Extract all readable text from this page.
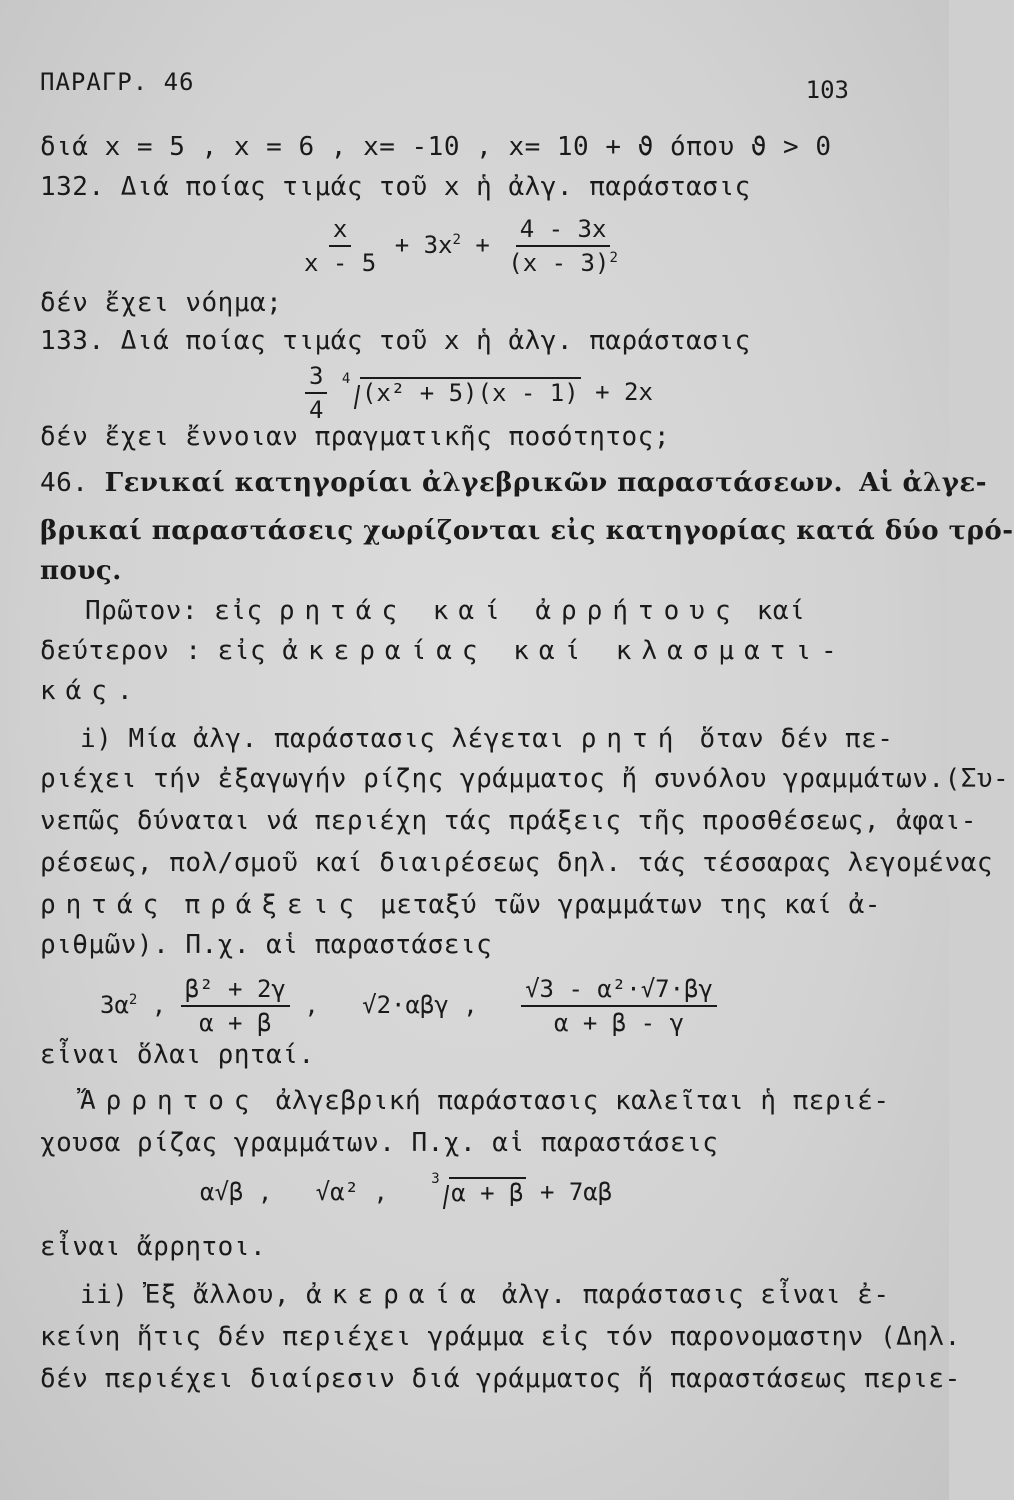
ΠΑΡΑΓΡ. 46	103
διά x = 5 , x = 6 , x= -10 , x= 10 + ϑ όπου ϑ > 0
132. Διά ποίας τιμάς τοῦ x ἡ ἀλγ. παράστασις
$\frac{x}{x - 5} + 3x^2 + \frac{4 - 3x}{(x - 3)^2}$
δέν ἔχει νόημα;
133. Διά ποίας τιμάς τοῦ x ἡ ἀλγ. παράστασις
$\frac{3}{4}$
4 (x² + 5)(x - 1) + 2x
δέν ἔχει ἔννοιαν πραγματικῆς ποσότητος;
46. Γενικαί κατηγορίαι ἀλγεβρικῶν παραστάσεων. Αἱ ἀλγε-
βρικαί παραστάσεις χωρίζονται εἰς κατηγορίας κατά δύο τρό-
πους.
Πρῶτον: εἰς ρητάς καί ἀρρήτους καί
δεύτερον : εἰς ἀκεραίας καί κλασματι-
κάς.
i) Μία ἀλγ. παράστασις λέγεται ρητή ὅταν δέν πε-
ριέχει τήν ἐξαγωγήν ρίζης γράμματος ἤ συνόλου γραμμάτων.(Συ-
νεπῶς δύναται νά περιέχη τάς πράξεις τῆς προσθέσεως, ἀφαι-
ρέσεως, πολ/σμοῦ καί διαιρέσεως δηλ. τάς τέσσαρας λεγομένας
ρητάς πράξεις μεταξύ τῶν γραμμάτων της καί ἀ-
ριθμῶν). Π.χ. αἱ παραστάσεις
$3\alpha^2$ , $\frac{\text{β² + 2γ}}{\alpha + \beta}$ ,   √2·αβγ , $\frac{\text{√3 - α²·√7·βγ}}{\alpha + \beta - \gamma}$
εἶναι ὅλαι ρηταί.
Ἄρρητος ἀλγεβρική παράστασις καλεῖται ἡ περιέ-
χουσα ρίζας γραμμάτων. Π.χ. αἱ παραστάσεις
α√β ,   √α² , 3 α + β + 7αβ
εἶναι ἄρρητοι.
ii) Ἐξ ἄλλου, ἀκεραία ἀλγ. παράστασις εἶναι ἐ-
κείνη ἥτις δέν περιέχει γράμμα εἰς τόν παρονομαστην (Δηλ.
δέν περιέχει διαίρεσιν διά γράμματος ἤ παραστάσεως περιε-
